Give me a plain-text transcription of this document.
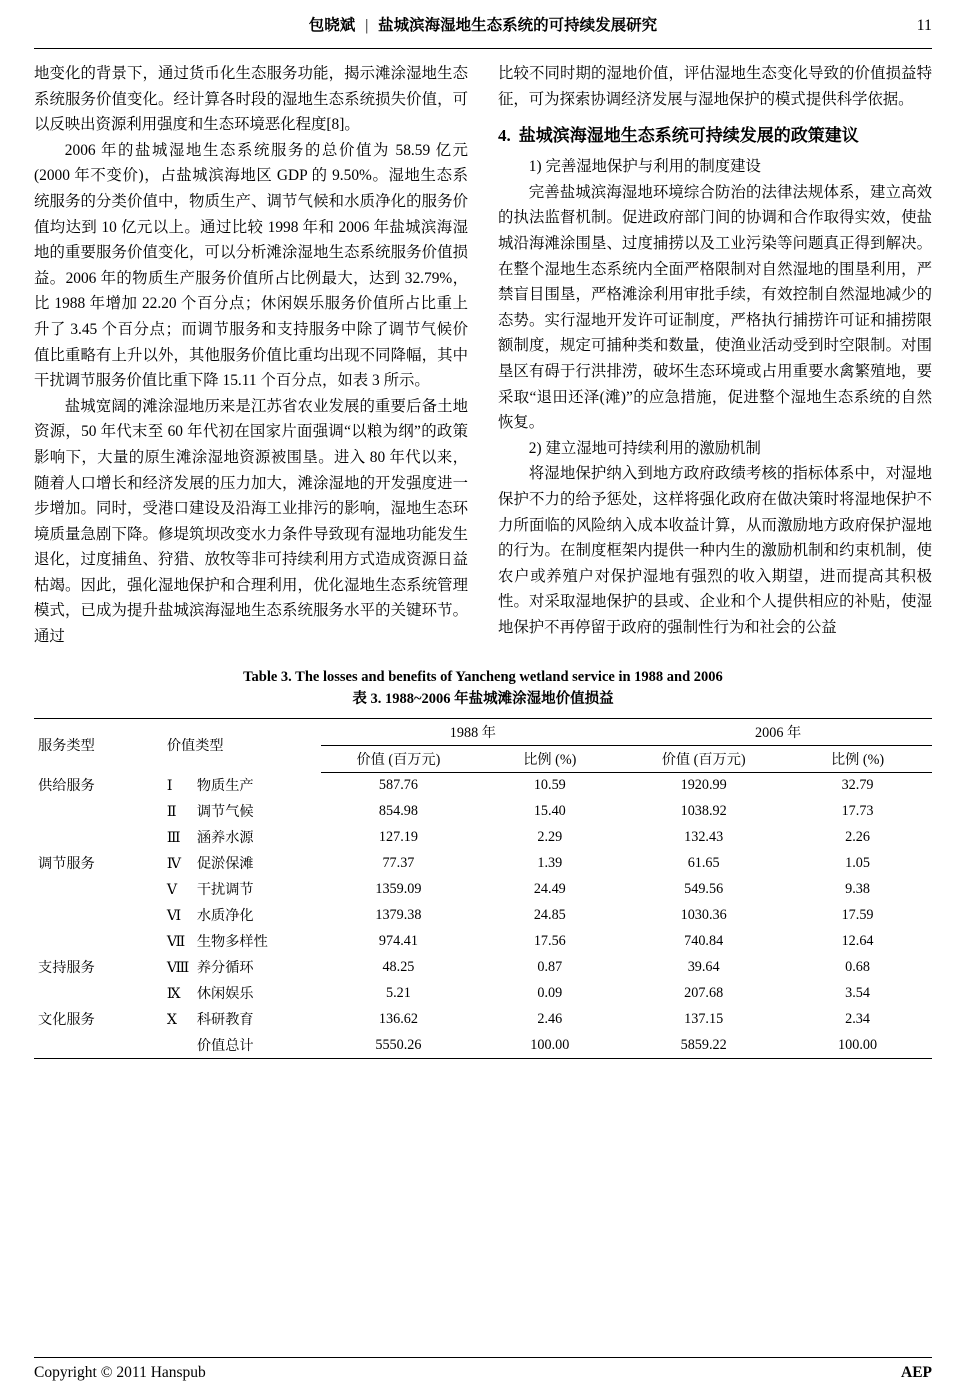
包晓斌 | 盐城滨海湿地生态系统的可持续发展研究	11

地变化的背景下，通过货币化生态服务功能，揭示滩涂湿地生态系统服务价值变化。经计算各时段的湿地生态系统损失价值，可以反映出资源利用强度和生态环境恶化程度[8]。

2006 年的盐城湿地生态系统服务的总价值为 58.59 亿元(2000 年不变价)，占盐城滨海地区 GDP 的 9.50%。湿地生态系统服务的分类价值中，物质生产、调节气候和水质净化的服务价值均达到 10 亿元以上。通过比较 1998 年和 2006 年盐城滨海湿地的重要服务价值变化，可以分析滩涂湿地生态系统服务价值损益。2006 年的物质生产服务价值所占比例最大，达到 32.79%，比 1988 年增加 22.20 个百分点；休闲娱乐服务价值所占比重上升了 3.45 个百分点；而调节服务和支持服务中除了调节气候价值比重略有上升以外，其他服务价值比重均出现不同降幅，其中干扰调节服务价值比重下降 15.11 个百分点，如表 3 所示。

盐城宽阔的滩涂湿地历来是江苏省农业发展的重要后备土地资源，50 年代末至 60 年代初在国家片面强调“以粮为纲”的政策影响下，大量的原生滩涂湿地资源被围垦。进入 80 年代以来，随着人口增长和经济发展的压力加大，滩涂湿地的开发强度进一步增加。同时，受港口建设及沿海工业排污的影响，湿地生态环境质量急剧下降。修堤筑坝改变水力条件导致现有湿地功能发生退化，过度捕鱼、狩猎、放牧等非可持续利用方式造成资源日益枯竭。因此，强化湿地保护和合理利用，优化湿地生态系统管理模式，已成为提升盐城滨海湿地生态系统服务水平的关键环节。通过

比较不同时期的湿地价值，评估湿地生态变化导致的价值损益特征，可为探索协调经济发展与湿地保护的模式提供科学依据。

4. 盐城滨海湿地生态系统可持续发展的政策建议

1) 完善湿地保护与利用的制度建设

完善盐城滨海湿地环境综合防治的法律法规体系，建立高效的执法监督机制。促进政府部门间的协调和合作取得实效，使盐城沿海滩涂围垦、过度捕捞以及工业污染等问题真正得到解决。在整个湿地生态系统内全面严格限制对自然湿地的围垦利用，严禁盲目围垦，严格滩涂利用审批手续，有效控制自然湿地减少的态势。实行湿地开发许可证制度，严格执行捕捞许可证和捕捞限额制度，规定可捕种类和数量，使渔业活动受到时空限制。对围垦区有碍于行洪排涝，破坏生态环境或占用重要水禽繁殖地，要采取“退田还泽(滩)”的应急措施，促进整个湿地生态系统的自然恢复。

2) 建立湿地可持续利用的激励机制

将湿地保护纳入到地方政府政绩考核的指标体系中，对湿地保护不力的给予惩处，这样将强化政府在做决策时将湿地保护不力所面临的风险纳入成本收益计算，从而激励地方政府保护湿地的行为。在制度框架内提供一种内生的激励机制和约束机制，使农户或养殖户对保护湿地有强烈的收入期望，进而提高其积极性。对采取湿地保护的县或、企业和个人提供相应的补贴，使湿地保护不再停留于政府的强制性行为和社会的公益

Table 3. The losses and benefits of Yancheng wetland service in 1988 and 2006
表 3. 1988~2006 年盐城滩涂湿地价值损益
服务类型	价值类型	1988 年		2006 年	
		价值 (百万元)	比例 (%)	价值 (百万元)	比例 (%)
供给服务	Ⅰ 物质生产	587.76	10.59	1920.99	32.79
	Ⅱ 调节气候	854.98	15.40	1038.92	17.73
	Ⅲ 涵养水源	127.19	2.29	132.43	2.26
调节服务	Ⅳ 促淤保滩	77.37	1.39	61.65	1.05
	Ⅴ 干扰调节	1359.09	24.49	549.56	9.38
	Ⅵ 水质净化	1379.38	24.85	1030.36	17.59
	Ⅶ 生物多样性	974.41	17.56	740.84	12.64
支持服务	Ⅷ 养分循环	48.25	0.87	39.64	0.68
	Ⅸ 休闲娱乐	5.21	0.09	207.68	3.54
文化服务	Ⅹ 科研教育	136.62	2.46	137.15	2.34
	价值总计	5550.26	100.00	5859.22	100.00
Copyright © 2011 Hanspub	AEP
